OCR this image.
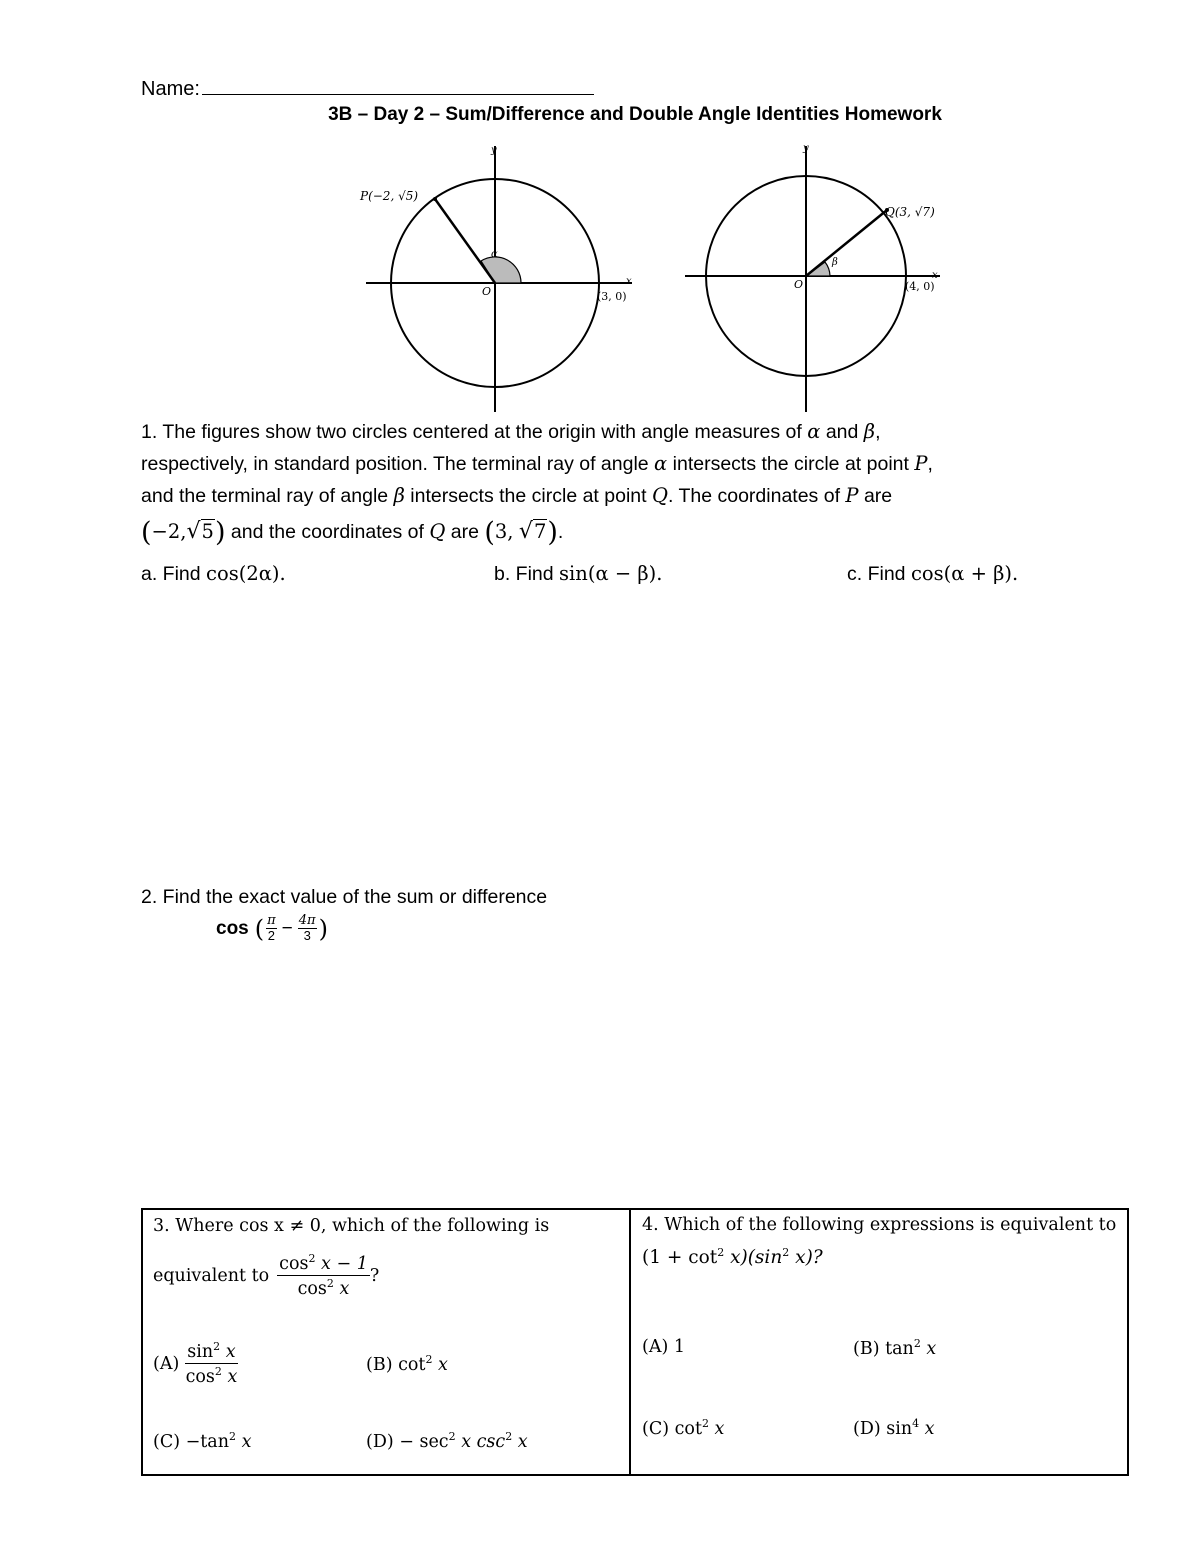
Name:
3B – Day 2 – Sum/Difference and Double Angle Identities Homework
P(−2, √5)
α
O
x
y
(3, 0)
Q(3, √7)
β
O
x
y
(4, 0)
1. The figures show two circles centered at the origin with angle measures of α and β,
respectively, in standard position. The terminal ray of angle α intersects the circle at point P,
and the terminal ray of angle β intersects the circle at point Q. The coordinates of P are
(−2,√5) and the coordinates of Q are (3, √7).
a. Find cos(2α).	b. Find sin(α − β).	c. Find cos(α + β).
2. Find the exact value of the sum or difference
cos ( $\frac{\pi}{2} - \frac{4\pi}{3}$ )
3. Where cos x ≠ 0, which of the following is
equivalent to $\frac{\cos^2 x - 1}{\cos^2 x}$ ?
$(A) \frac{\sin^2 x}{\cos^2 x}$	(B) $\cot^2 x$
$(C) -\tan^2$ x	$(D) - \sec^2 x$ $\csc^2 x$
4. Which of the following expressions is equivalent to
$(1 + \cot^2 x)(\sin^2$ x)?
(A) 1	(B) $\tan^2 x$
(C) $\cot^2 x$	(D) $\sin^4 x$
